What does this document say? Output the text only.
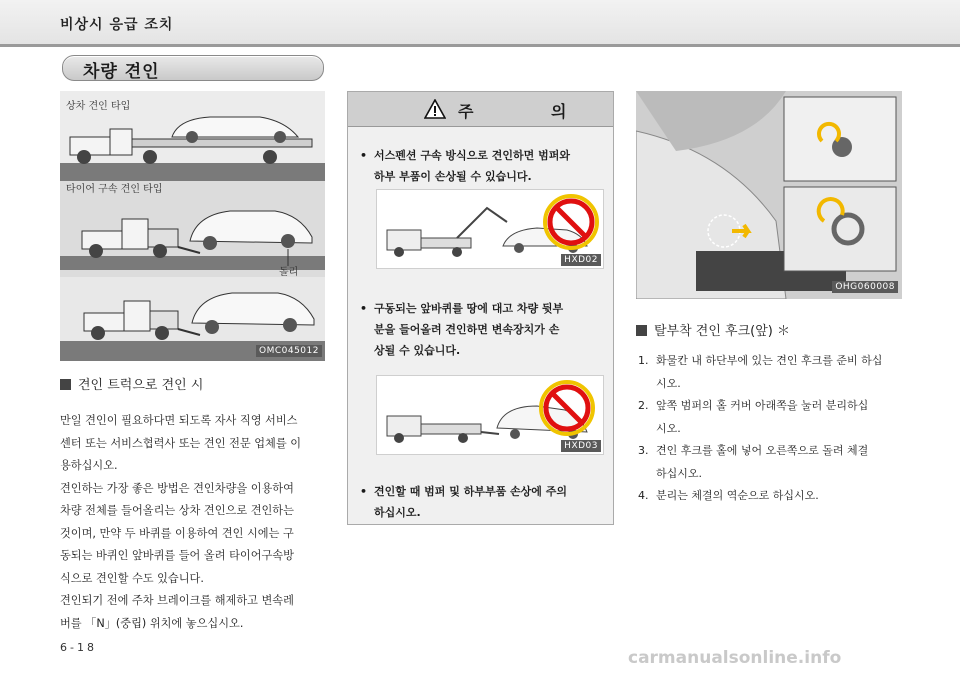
비상시 응급 조치
차량 견인
상차 견인 타입
타이어 구속 견인 타입
돌리
OMC045012
견인 트럭으로 견인 시

만일 견인이 필요하다면 되도록 자사 직영 서비스

센터 또는 서비스협력사 또는 견인 전문 업체를 이

용하십시오.

견인하는 가장 좋은 방법은 견인차량을 이용하여

차량 전체를 들어올리는 상차 견인으로 견인하는

것이며, 만약 두 바퀴를 이용하여 견인 시에는 구

동되는 바퀴인 앞바퀴를 들어 올려 타이어구속방

식으로 견인할 수도 있습니다.

견인되기 전에 주차 브레이크를 해제하고 변속레

버를 「N」(중립) 위치에 놓으십시오.

주 의
• 서스펜션 구속 방식으로 견인하면 범퍼와
하부 부품이 손상될 수 있습니다.
HXD02
• 구동되는 앞바퀴를 땅에 대고 차량 뒷부
분을 들어올려 견인하면 변속장치가 손
상될 수 있습니다.
HXD03
• 견인할 때 범퍼 및 하부부품 손상에 주의
하십시오.
OHG060008
탈부착 견인 후크(앞) ＊
1. 화물칸 내 하단부에 있는 견인 후크를 준비 하십
시오.
2. 앞쪽 범퍼의 홀 커버 아래쪽을 눌러 분리하십
시오.
3. 견인 후크를 홀에 넣어 오른쪽으로 돌려 체결
하십시오.
4. 분리는 체결의 역순으로 하십시오.
6-18
carmanualsonline.info
